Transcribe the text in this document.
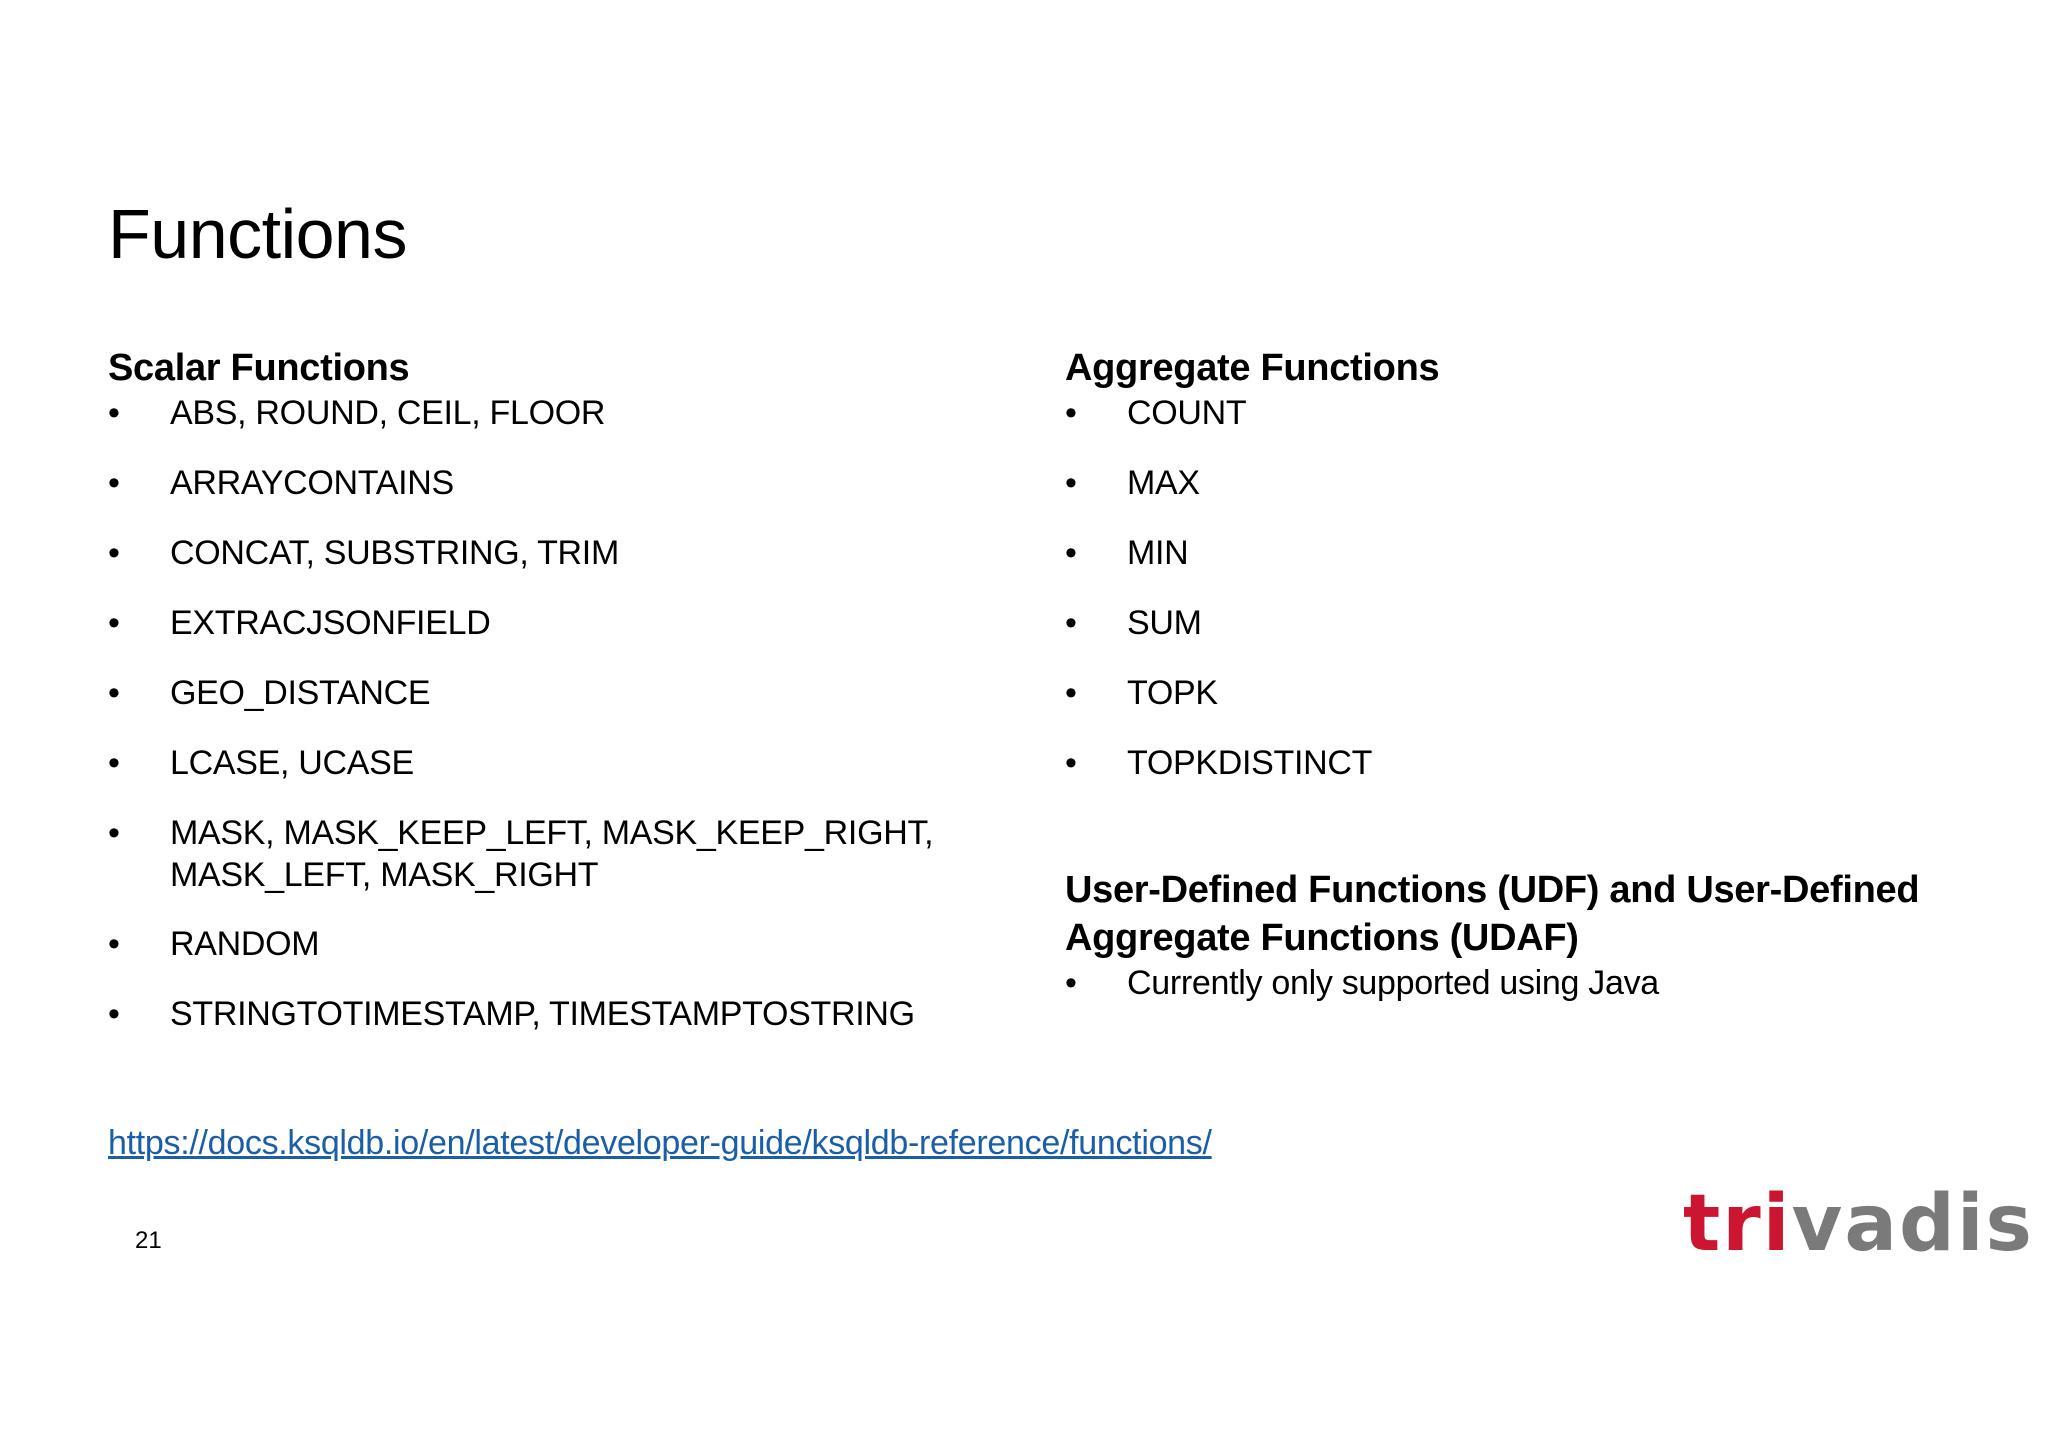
Functions
Scalar Functions
• ABS, ROUND, CEIL, FLOOR
• ARRAYCONTAINS
• CONCAT, SUBSTRING, TRIM
• EXTRACJSONFIELD
• GEO_DISTANCE
• LCASE, UCASE
• MASK, MASK_KEEP_LEFT, MASK_KEEP_RIGHT,
MASK_LEFT, MASK_RIGHT
• RANDOM
• STRINGTOTIMESTAMP, TIMESTAMPTOSTRING
Aggregate Functions
• COUNT
• MAX
• MIN
• SUM
• TOPK
• TOPKDISTINCT
User-Defined Functions (UDF) and User-Defined
Aggregate Functions (UDAF)
• Currently only supported using Java
https://docs.ksqldb.io/en/latest/developer-guide/ksqldb-reference/functions/
21	trivadis
